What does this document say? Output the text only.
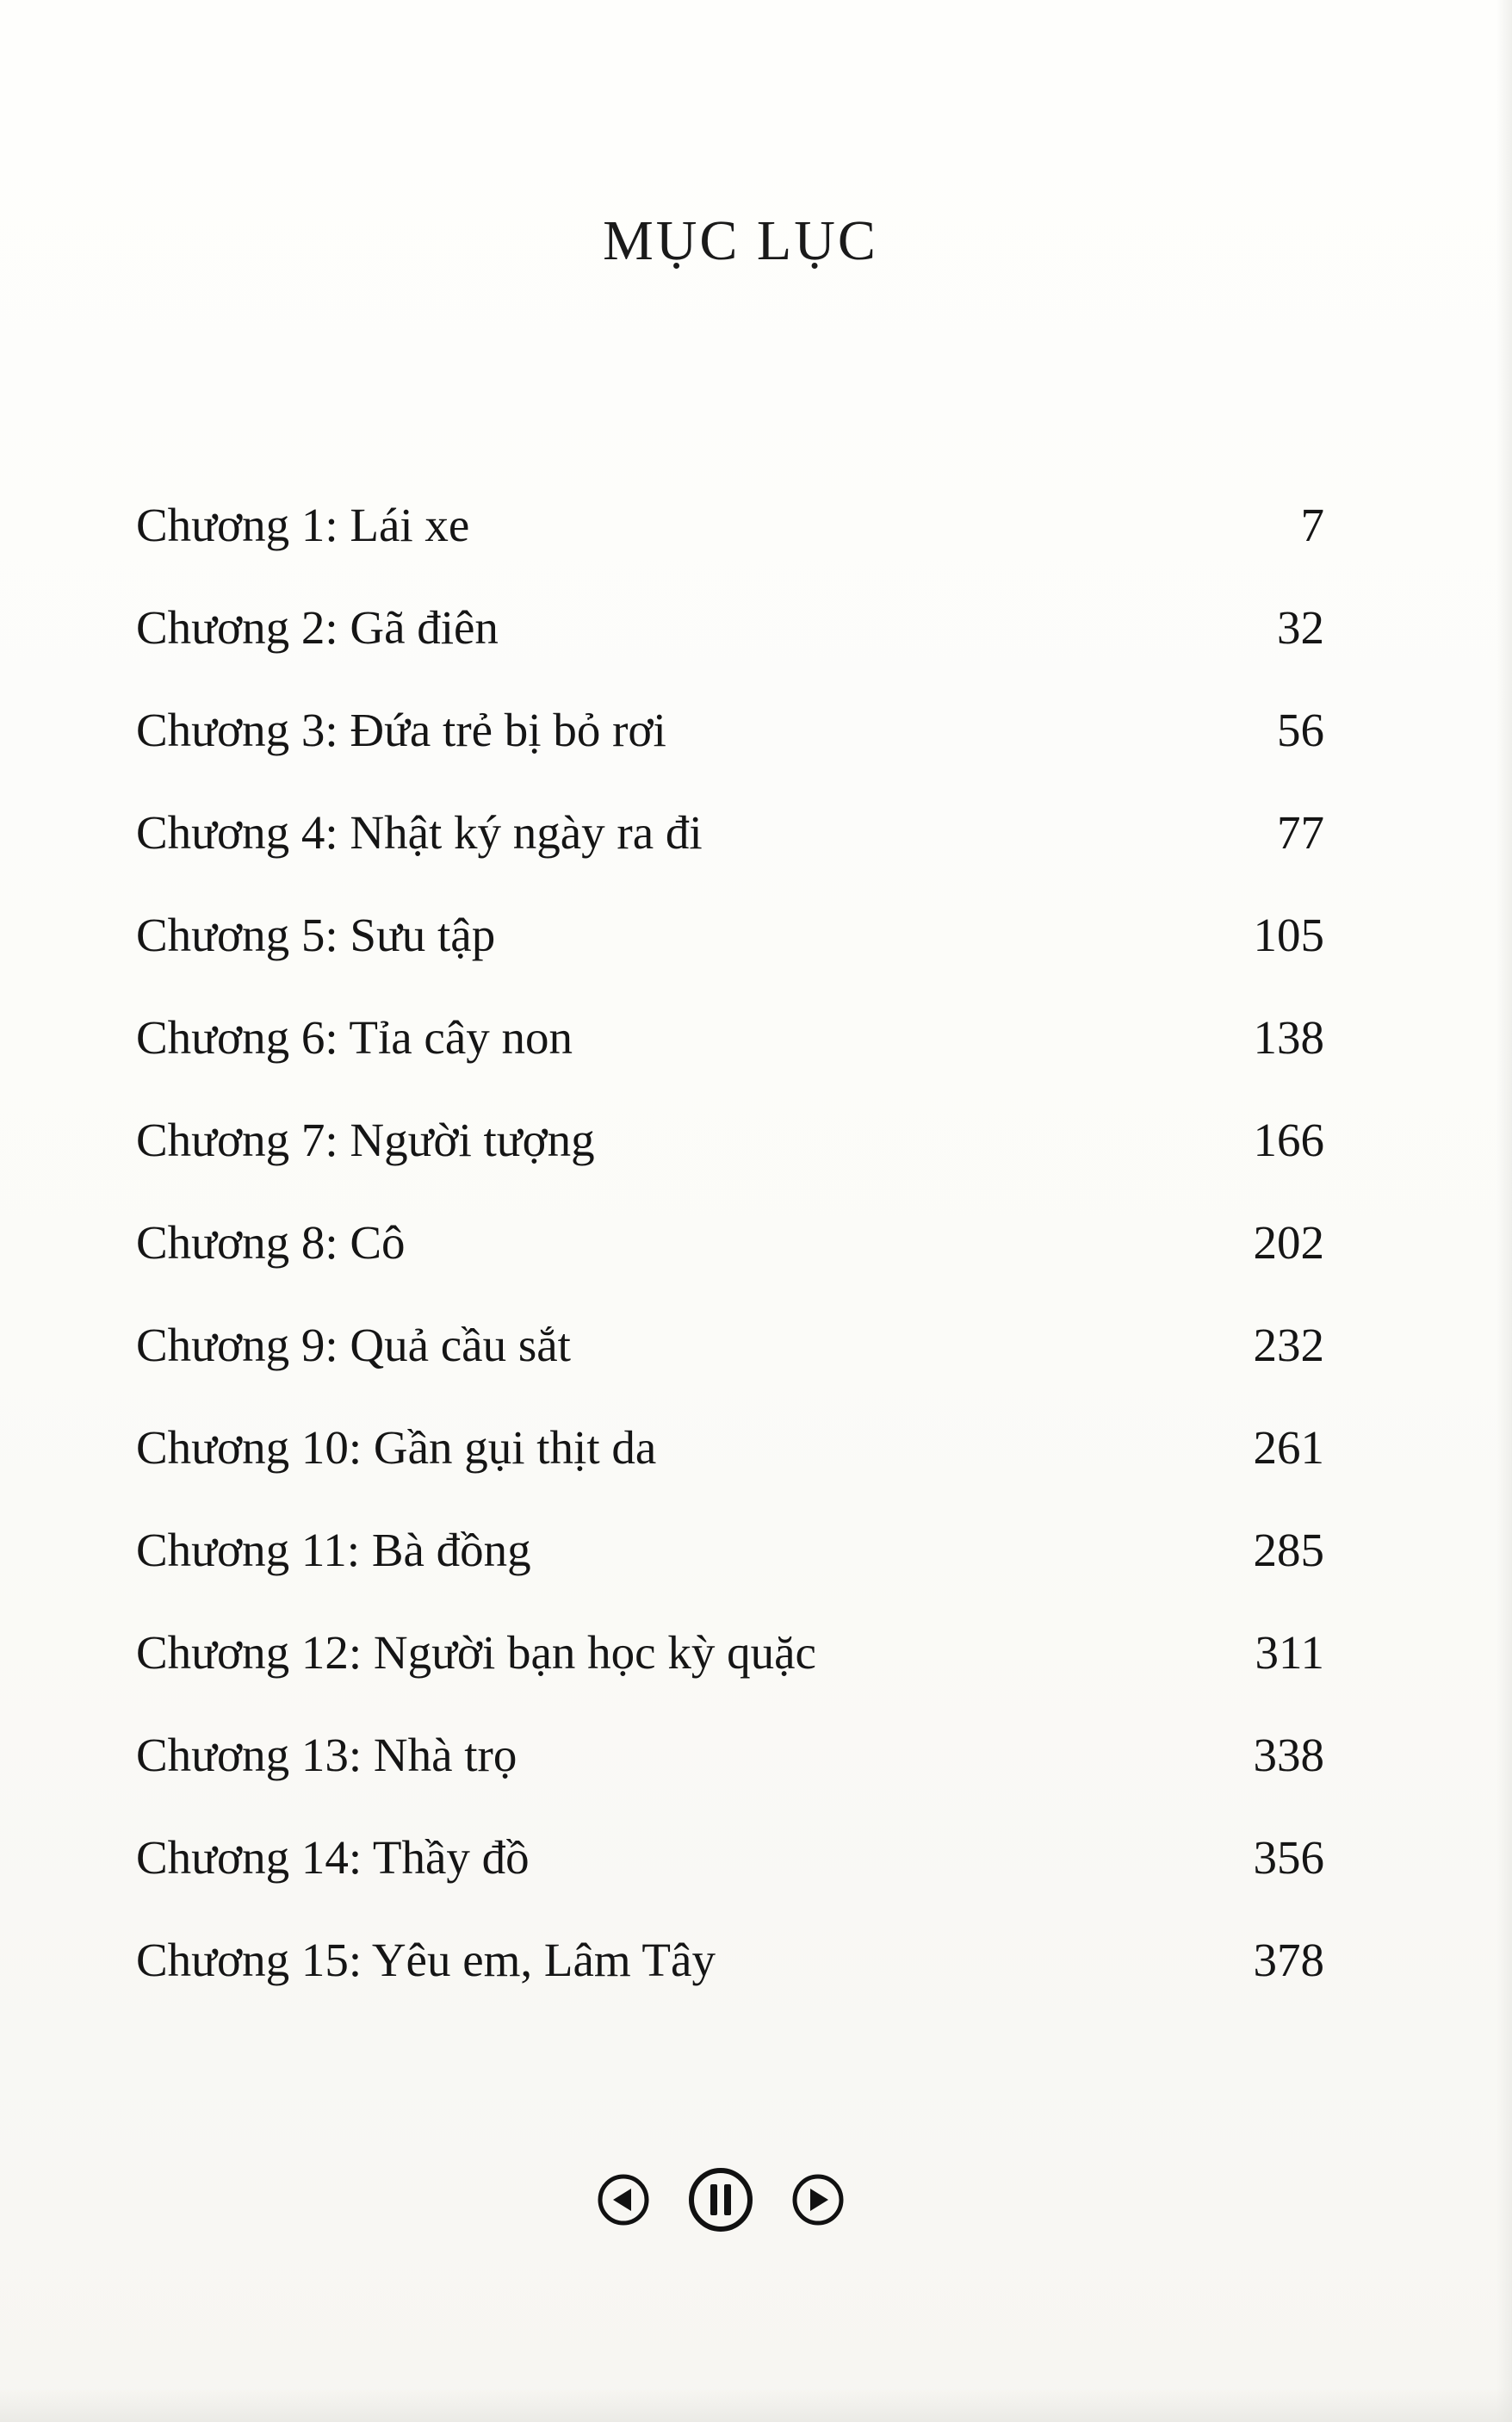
MỤC LỤC
Chương 1: Lái xe	7
Chương 2: Gã điên	32
Chương 3: Đứa trẻ bị bỏ rơi	56
Chương 4: Nhật ký ngày ra đi	77
Chương 5: Sưu tập	105
Chương 6: Tỉa cây non	138
Chương 7: Người tượng	166
Chương 8: Cô	202
Chương 9: Quả cầu sắt	232
Chương 10: Gần gụi thịt da	261
Chương 11: Bà đồng	285
Chương 12: Người bạn học kỳ quặc	311
Chương 13: Nhà trọ	338
Chương 14: Thầy đồ	356
Chương 15: Yêu em, Lâm Tây	378
